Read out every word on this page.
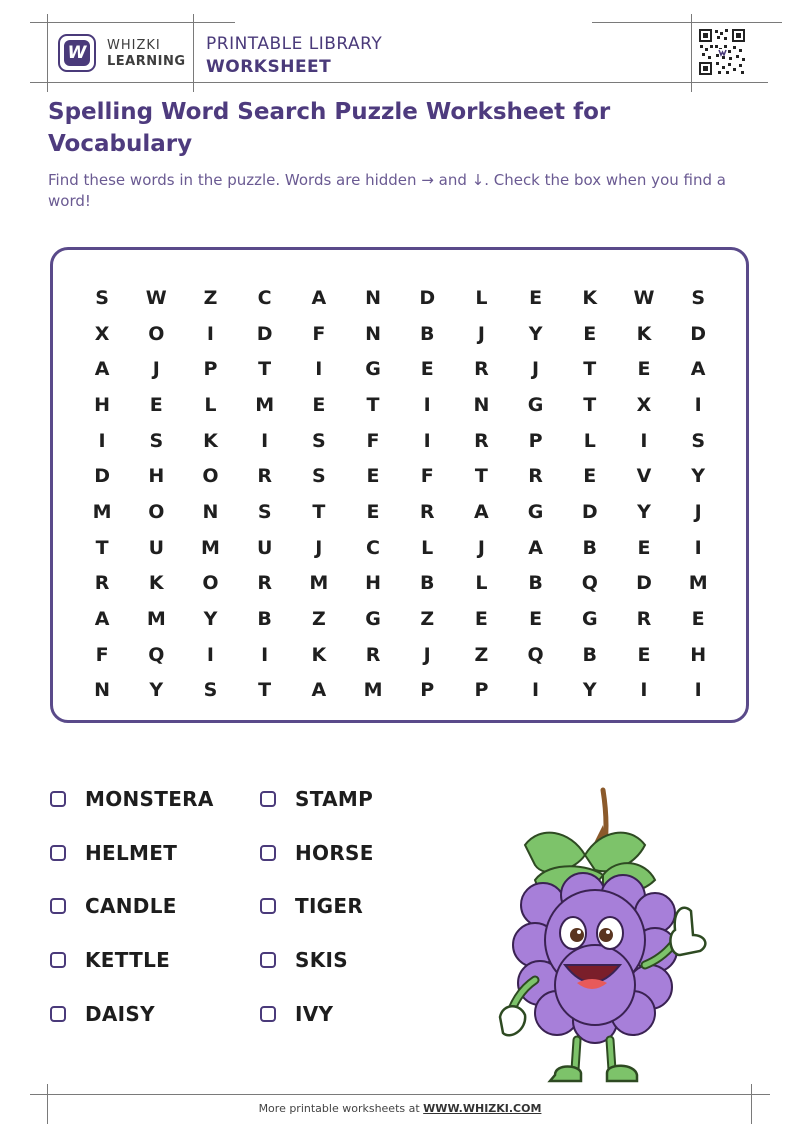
W WHIZKI
LEARNING
PRINTABLE LIBRARY
WORKSHEET
Spelling Word Search Puzzle Worksheet for Vocabulary
Find these words in the puzzle. Words are hidden → and ↓. Check the box when you find a word!
S	W	Z	C	A	N	D	L	E	K	W	S
X	O	I	D	F	N	B	J	Y	E	K	D
A	J	P	T	I	G	E	R	J	T	E	A
H	E	L	M	E	T	I	N	G	T	X	I
I	S	K	I	S	F	I	R	P	L	I	S
D	H	O	R	S	E	F	T	R	E	V	Y
M	O	N	S	T	E	R	A	G	D	Y	J
T	U	M	U	J	C	L	J	A	B	E	I
R	K	O	R	M	H	B	L	B	Q	D	M
A	M	Y	B	Z	G	Z	E	E	G	R	E
F	Q	I	I	K	R	J	Z	Q	B	E	H
N	Y	S	T	A	M	P	P	I	Y	I	I
MONSTERA
HELMET
CANDLE
KETTLE
DAISY
STAMP
HORSE
TIGER
SKIS
IVY
More printable worksheets at WWW.WHIZKI.COM
